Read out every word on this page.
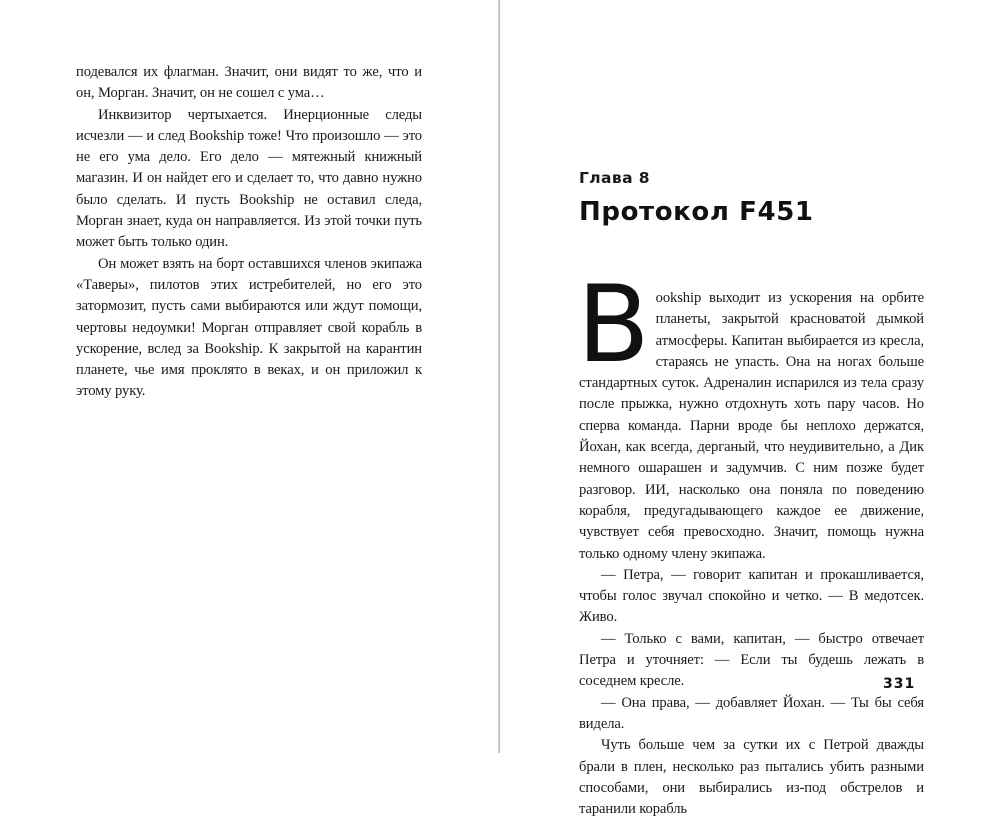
подевался их флагман. Значит, они видят то же, что и он, Морган. Значит, он не сошел с ума…

Инквизитор чертыхается. Инерционные следы исчезли — и след Bookship тоже! Что произошло — это не его ума дело. Его дело — мятежный книжный магазин. И он найдет его и сделает то, что давно нужно было сделать. И пусть Bookship не оставил следа, Морган знает, куда он направляется. Из этой точки путь может быть только один.

Он может взять на борт оставшихся членов экипажа «Таверы», пилотов этих истребителей, но его это затормозит, пусть сами выбираются или ждут помощи, чертовы недоумки! Морган отправляет свой корабль в ускорение, вслед за Bookship. К закрытой на карантин планете, чье имя проклято в веках, и он приложил к этому руку.

Глава 8
Протокол F451

Bookship выходит из ускорения на орбите планеты, закрытой красноватой дымкой атмосферы. Капитан выбирается из кресла, стараясь не упасть. Она на ногах больше стандартных суток. Адреналин испарился из тела сразу после прыжка, нужно отдохнуть хоть пару часов. Но сперва команда. Парни вроде бы неплохо держатся, Йохан, как всегда, дерганый, что неудивительно, а Дик немного ошарашен и задумчив. С ним позже будет разговор. ИИ, насколько она поняла по поведению корабля, предугадывающего каждое ее движение, чувствует себя превосходно. Значит, помощь нужна только одному члену экипажа.

— Петра, — говорит капитан и прокашливается, чтобы голос звучал спокойно и четко. — В медотсек. Живо.

— Только с вами, капитан, — быстро отвечает Петра и уточняет: — Если ты будешь лежать в соседнем кресле.

— Она права, — добавляет Йохан. — Ты бы себя видела.

Чуть больше чем за сутки их с Петрой дважды брали в плен, несколько раз пытались убить разными способами, они выбирались из-под обстрелов и таранили корабль

331
